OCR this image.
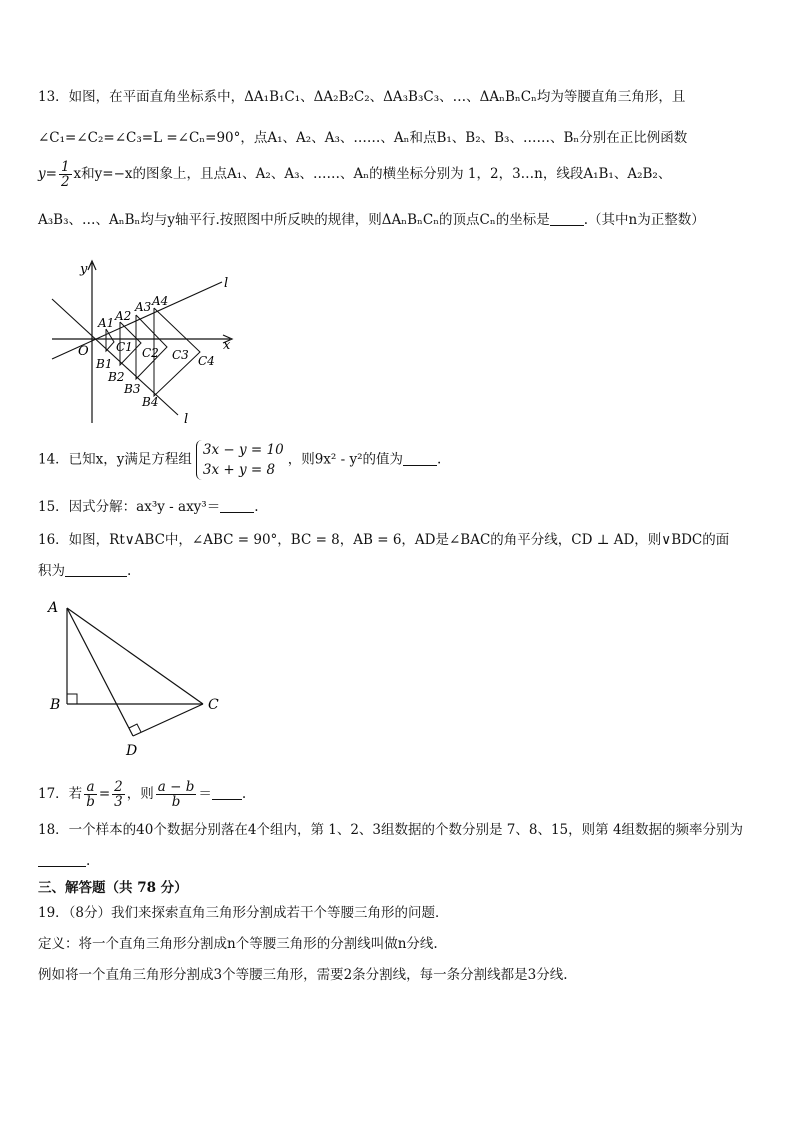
13．如图，在平面直角坐标系中，ΔA₁B₁C₁、ΔA₂B₂C₂、ΔA₃B₃C₃、…、ΔAₙBₙCₙ均为等腰直角三角形，且
∠C₁=∠C₂=∠C₃=L =∠Cₙ=90°，点A₁、A₂、A₃、……、Aₙ和点B₁、B₂、B₃、……、Bₙ分别在正比例函数
$y= \frac{1}{2}$ x和y=−x的图象上，且点A₁、A₂、A₃、……、Aₙ的横坐标分别为 1，2，3…n，线段A₁B₁、A₂B₂、
A₃B₃、…、AₙBₙ均与y轴平行.按照图中所反映的规律，则ΔAₙBₙCₙ的顶点Cₙ的坐标是	.（其中n为正整数）
y
l
x
O
A1 A2
A3 A4
C1 C2 C3 C4
B1
B2
B3
B4
l
14．已知x，y满足方程组
3x − y = 10
3x + y = 8
，则9x² - y²的值为	.
15．因式分解：ax³y - axy³＝	.
16．如图，Rt∨ABC中，∠ABC = 90°，BC = 8，AB = 6，AD是∠BAC的角平分线，CD ⊥ AD，则∨BDC的面
积为	.
A
B	C
D
17．若 $\frac{a}{b} = \frac{2}{3}$ ，则 $\frac{a - b}{b}$ ＝ .
18．一个样本的40个数据分别落在4个组内，第 1、2、3组数据的个数分别是 7、8、15，则第 4组数据的频率分别为
.
三、解答题（共 78 分）
19．（8分）我们来探索直角三角形分割成若干个等腰三角形的问题．
定义：将一个直角三角形分割成n个等腰三角形的分割线叫做n分线.
例如将一个直角三角形分割成3个等腰三角形，需要2条分割线，每一条分割线都是3分线.
